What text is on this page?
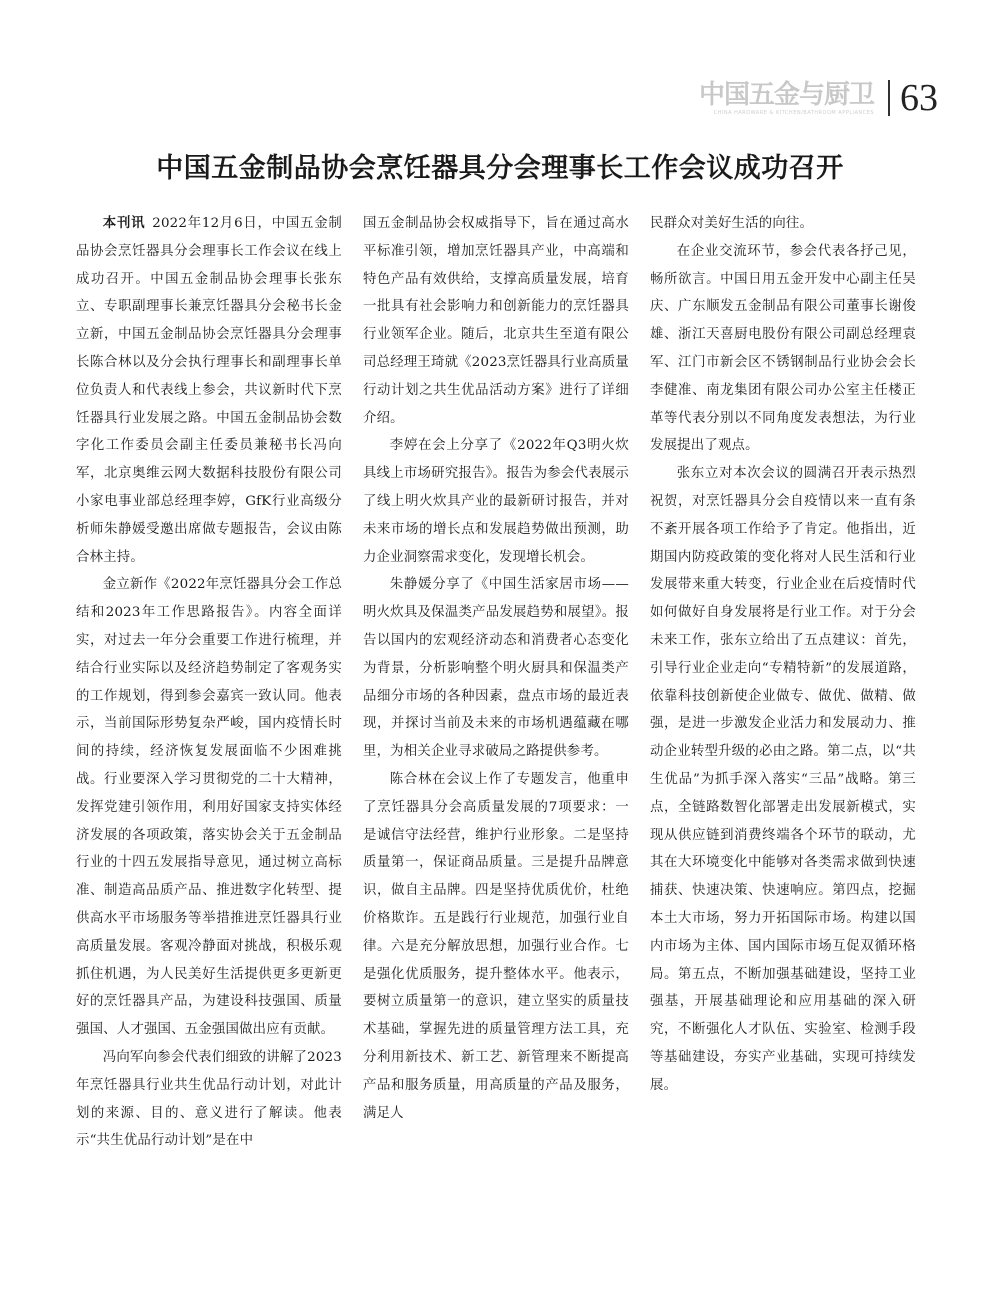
中国五金与厨卫
CHINA HARDWARE & KITCHEN/BATHROOM APPLIANCES 63
中国五金制品协会烹饪器具分会理事长工作会议成功召开

本刊讯  2022年12月6日，中国五金制品协会烹饪器具分会理事长工作会议在线上成功召开。中国五金制品协会理事长张东立、专职副理事长兼烹饪器具分会秘书长金立新，中国五金制品协会烹饪器具分会理事长陈合林以及分会执行理事长和副理事长单位负责人和代表线上参会，共议新时代下烹饪器具行业发展之路。中国五金制品协会数字化工作委员会副主任委员兼秘书长冯向军，北京奥维云网大数据科技股份有限公司小家电事业部总经理李婷，GfK行业高级分析师朱静媛受邀出席做专题报告，会议由陈合林主持。

金立新作《2022年烹饪器具分会工作总结和2023年工作思路报告》。内容全面详实，对过去一年分会重要工作进行梳理，并结合行业实际以及经济趋势制定了客观务实的工作规划，得到参会嘉宾一致认同。他表示，当前国际形势复杂严峻，国内疫情长时间的持续，经济恢复发展面临不少困难挑战。行业要深入学习贯彻党的二十大精神，发挥党建引领作用，利用好国家支持实体经济发展的各项政策，落实协会关于五金制品行业的十四五发展指导意见，通过树立高标准、制造高品质产品、推进数字化转型、提供高水平市场服务等举措推进烹饪器具行业高质量发展。客观冷静面对挑战，积极乐观抓住机遇，为人民美好生活提供更多更新更好的烹饪器具产品，为建设科技强国、质量强国、人才强国、五金强国做出应有贡献。

冯向军向参会代表们细致的讲解了2023年烹饪器具行业共生优品行动计划，对此计划的来源、目的、意义进行了解读。他表示“共生优品行动计划”是在中

国五金制品协会权威指导下，旨在通过高水平标准引领，增加烹饪器具产业，中高端和特色产品有效供给，支撑高质量发展，培育一批具有社会影响力和创新能力的烹饪器具行业领军企业。随后，北京共生至道有限公司总经理王琦就《2023烹饪器具行业高质量行动计划之共生优品活动方案》进行了详细介绍。

李婷在会上分享了《2022年Q3明火炊具线上市场研究报告》。报告为参会代表展示了线上明火炊具产业的最新研讨报告，并对未来市场的增长点和发展趋势做出预测，助力企业洞察需求变化，发现增长机会。

朱静媛分享了《中国生活家居市场——明火炊具及保温类产品发展趋势和展望》。报告以国内的宏观经济动态和消费者心态变化为背景，分析影响整个明火厨具和保温类产品细分市场的各种因素，盘点市场的最近表现，并探讨当前及未来的市场机遇蕴藏在哪里，为相关企业寻求破局之路提供参考。

陈合林在会议上作了专题发言，他重申了烹饪器具分会高质量发展的7项要求：一是诚信守法经营，维护行业形象。二是坚持质量第一，保证商品质量。三是提升品牌意识，做自主品牌。四是坚持优质优价，杜绝价格欺诈。五是践行行业规范，加强行业自律。六是充分解放思想，加强行业合作。七是强化优质服务，提升整体水平。他表示，要树立质量第一的意识，建立坚实的质量技术基础，掌握先进的质量管理方法工具，充分利用新技术、新工艺、新管理来不断提高产品和服务质量，用高质量的产品及服务，满足人

民群众对美好生活的向往。

在企业交流环节，参会代表各抒己见，畅所欲言。中国日用五金开发中心副主任吴庆、广东顺发五金制品有限公司董事长谢俊雄、浙江天喜厨电股份有限公司副总经理袁军、江门市新会区不锈钢制品行业协会会长李健准、南龙集团有限公司办公室主任楼正革等代表分别以不同角度发表想法，为行业发展提出了观点。

张东立对本次会议的圆满召开表示热烈祝贺，对烹饪器具分会自疫情以来一直有条不紊开展各项工作给予了肯定。他指出，近期国内防疫政策的变化将对人民生活和行业发展带来重大转变，行业企业在后疫情时代如何做好自身发展将是行业工作。对于分会未来工作，张东立给出了五点建议：首先，引导行业企业走向“专精特新”的发展道路，依靠科技创新使企业做专、做优、做精、做强，是进一步激发企业活力和发展动力、推动企业转型升级的必由之路。第二点，以“共生优品”为抓手深入落实“三品”战略。第三点，全链路数智化部署走出发展新模式，实现从供应链到消费终端各个环节的联动，尤其在大环境变化中能够对各类需求做到快速捕获、快速决策、快速响应。第四点，挖掘本土大市场，努力开拓国际市场。构建以国内市场为主体、国内国际市场互促双循环格局。第五点，不断加强基础建设，坚持工业强基，开展基础理论和应用基础的深入研究，不断强化人才队伍、实验室、检测手段等基础建设，夯实产业基础，实现可持续发展。
